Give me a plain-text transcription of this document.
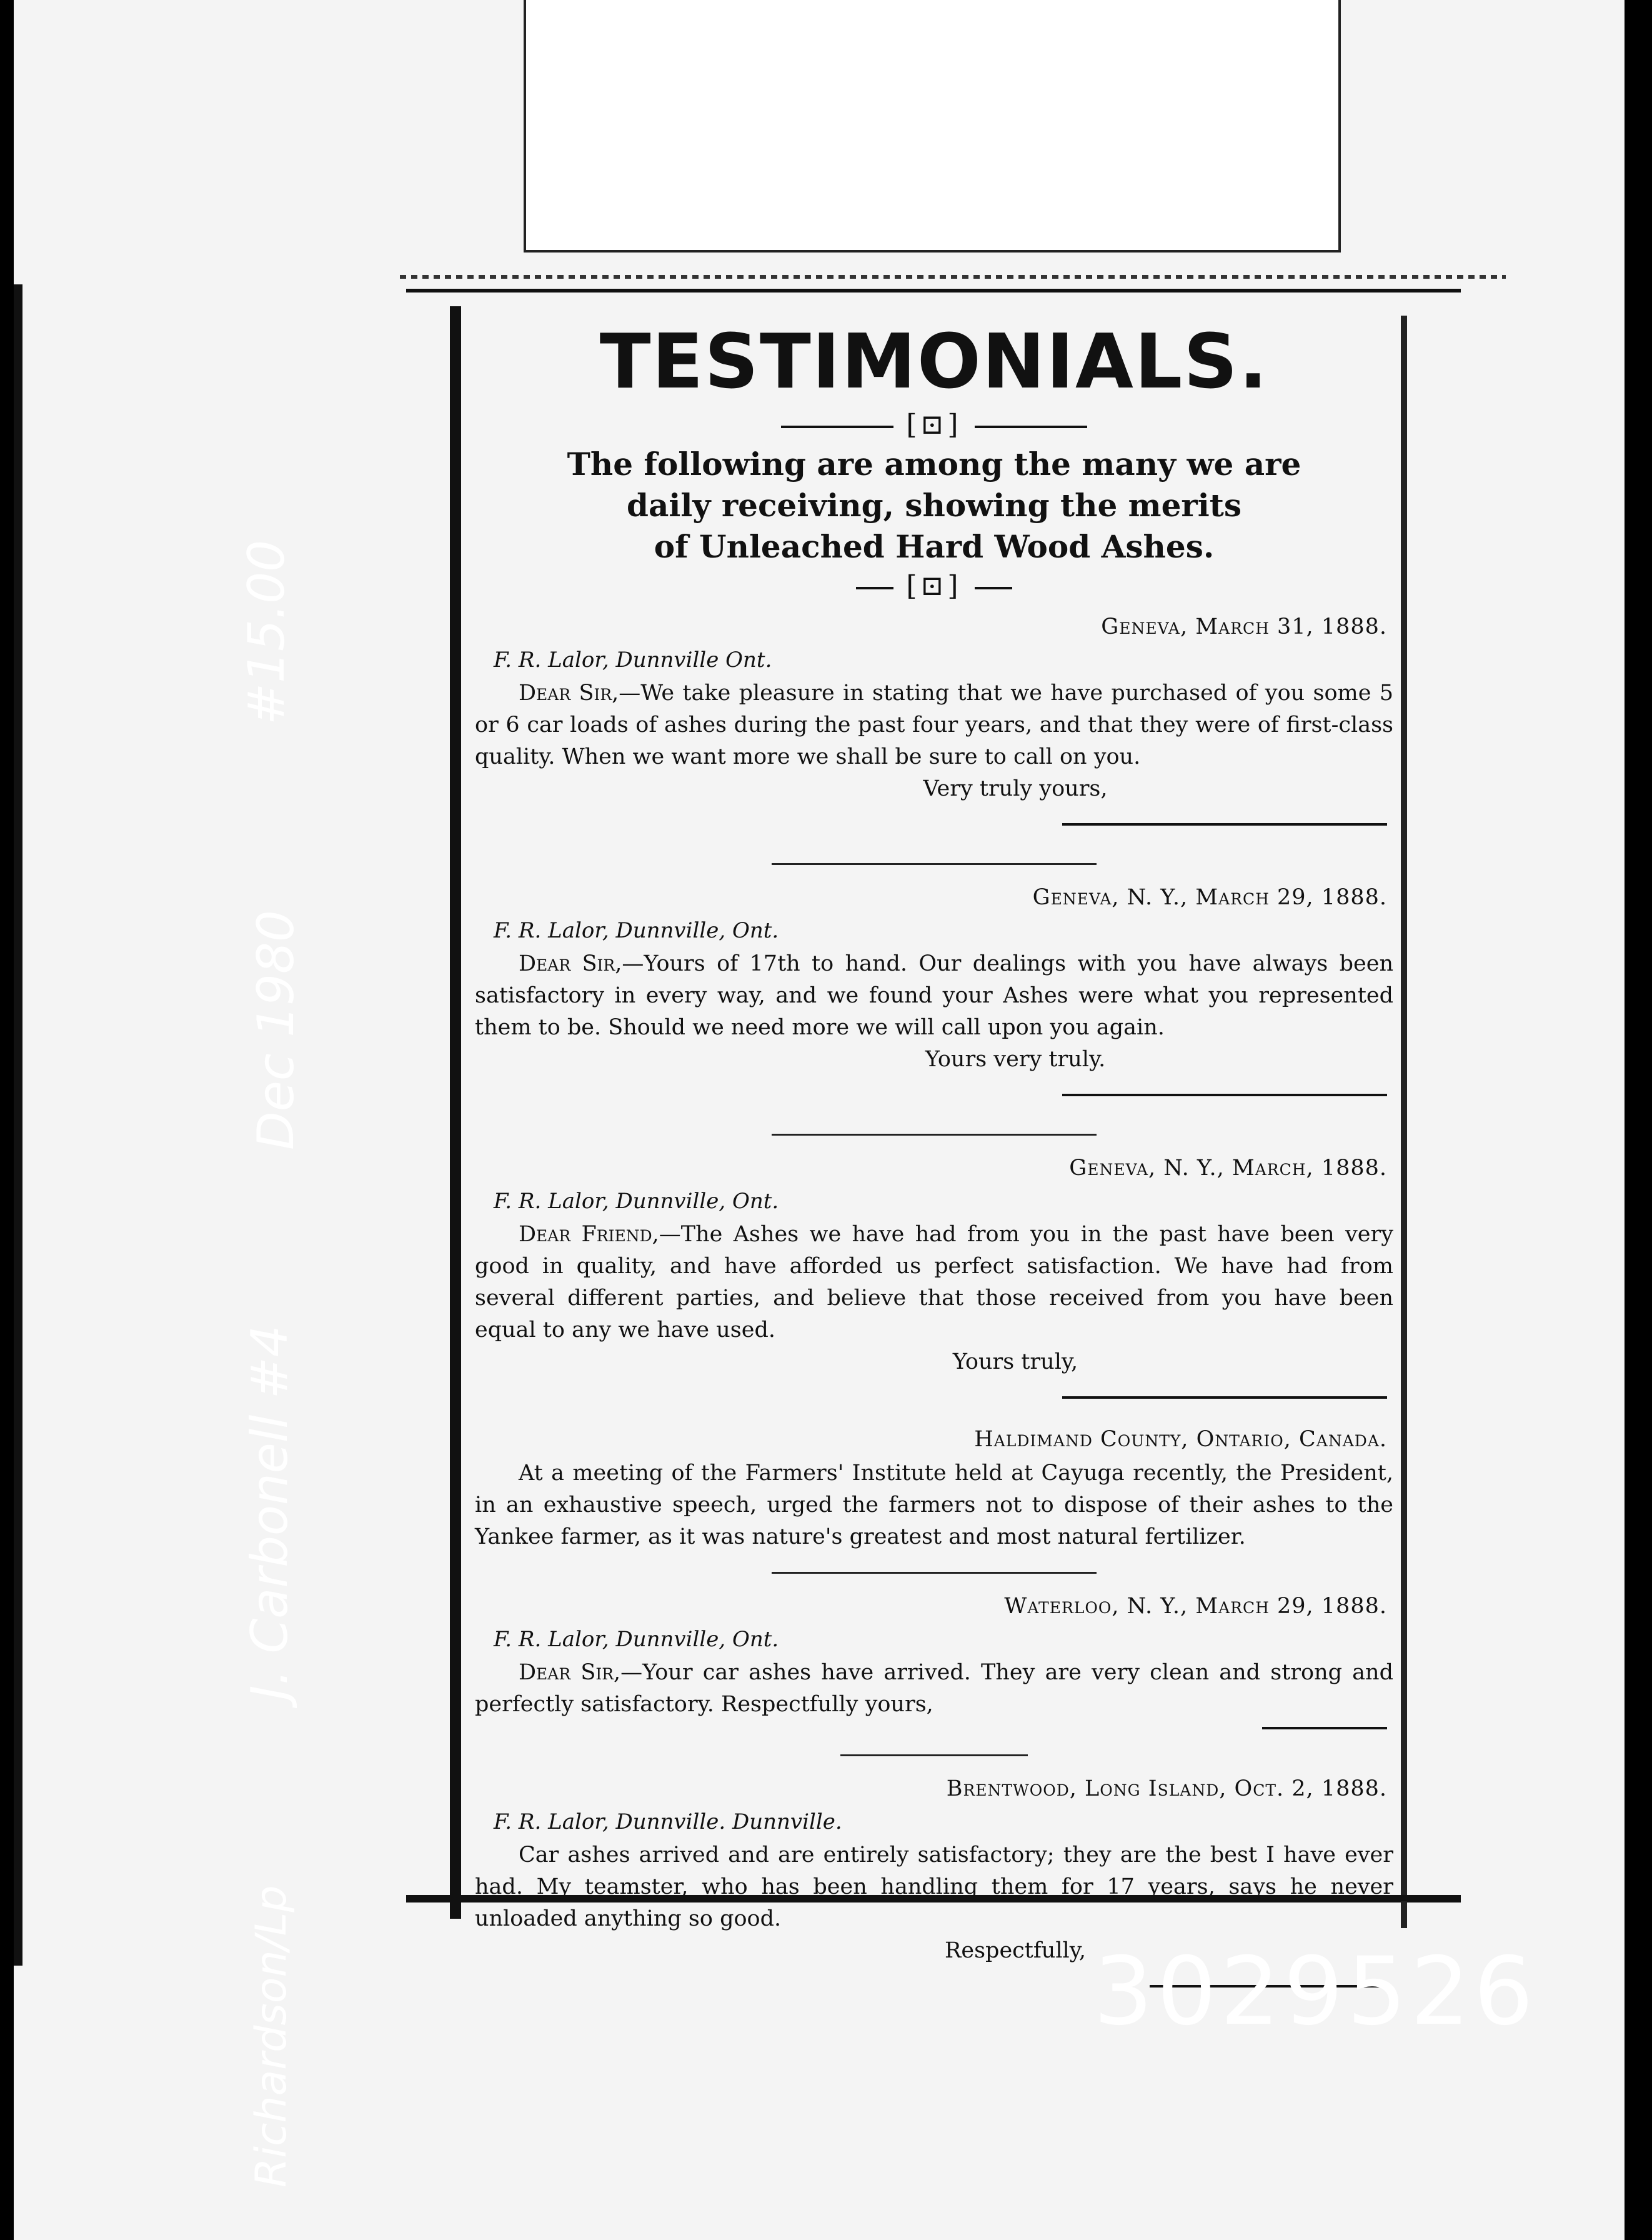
TESTIMONIALS.

[⊡]

The following are among the many we are

daily receiving, showing the merits

of Unleached Hard Wood Ashes.

[⊡]

Geneva, March 31, 1888.

F. R. Lalor, Dunnville Ont.

Dear Sir,—We take pleasure in stating that we have purchased of you some 5 or 6 car loads of ashes during the past four years, and that they were of first-class quality. When we want more we shall be sure to call on you.

Very truly yours,

Geneva, N. Y., March 29, 1888.

F. R. Lalor, Dunnville, Ont.

Dear Sir,—Yours of 17th to hand. Our dealings with you have always been satisfactory in every way, and we found your Ashes were what you represented them to be. Should we need more we will call upon you again.

Yours very truly.

Geneva, N. Y., March, 1888.

F. R. Lalor, Dunnville, Ont.

Dear Friend,—The Ashes we have had from you in the past have been very good in quality, and have afforded us perfect satisfaction. We have had from several different parties, and believe that those received from you have been equal to any we have used.

Yours truly,

Haldimand County, Ontario, Canada.

At a meeting of the Farmers' Institute held at Cayuga recently, the President, in an exhaustive speech, urged the farmers not to dispose of their ashes to the Yankee farmer, as it was nature's greatest and most natural fertilizer.

Waterloo, N. Y., March 29, 1888.

F. R. Lalor, Dunnville, Ont.

Dear Sir,—Your car ashes have arrived. They are very clean and strong and perfectly satisfactory. Respectfully yours,

Brentwood, Long Island, Oct. 2, 1888.

F. R. Lalor, Dunnville. Dunnville.

Car ashes arrived and are entirely satisfactory; they are the best I have ever had. My teamster, who has been handling them for 17 years, says he never unloaded anything so good.

Respectfully,

Richardson/Lp
J. Carbonell #4
Dec 1980
#15.00
3029526
